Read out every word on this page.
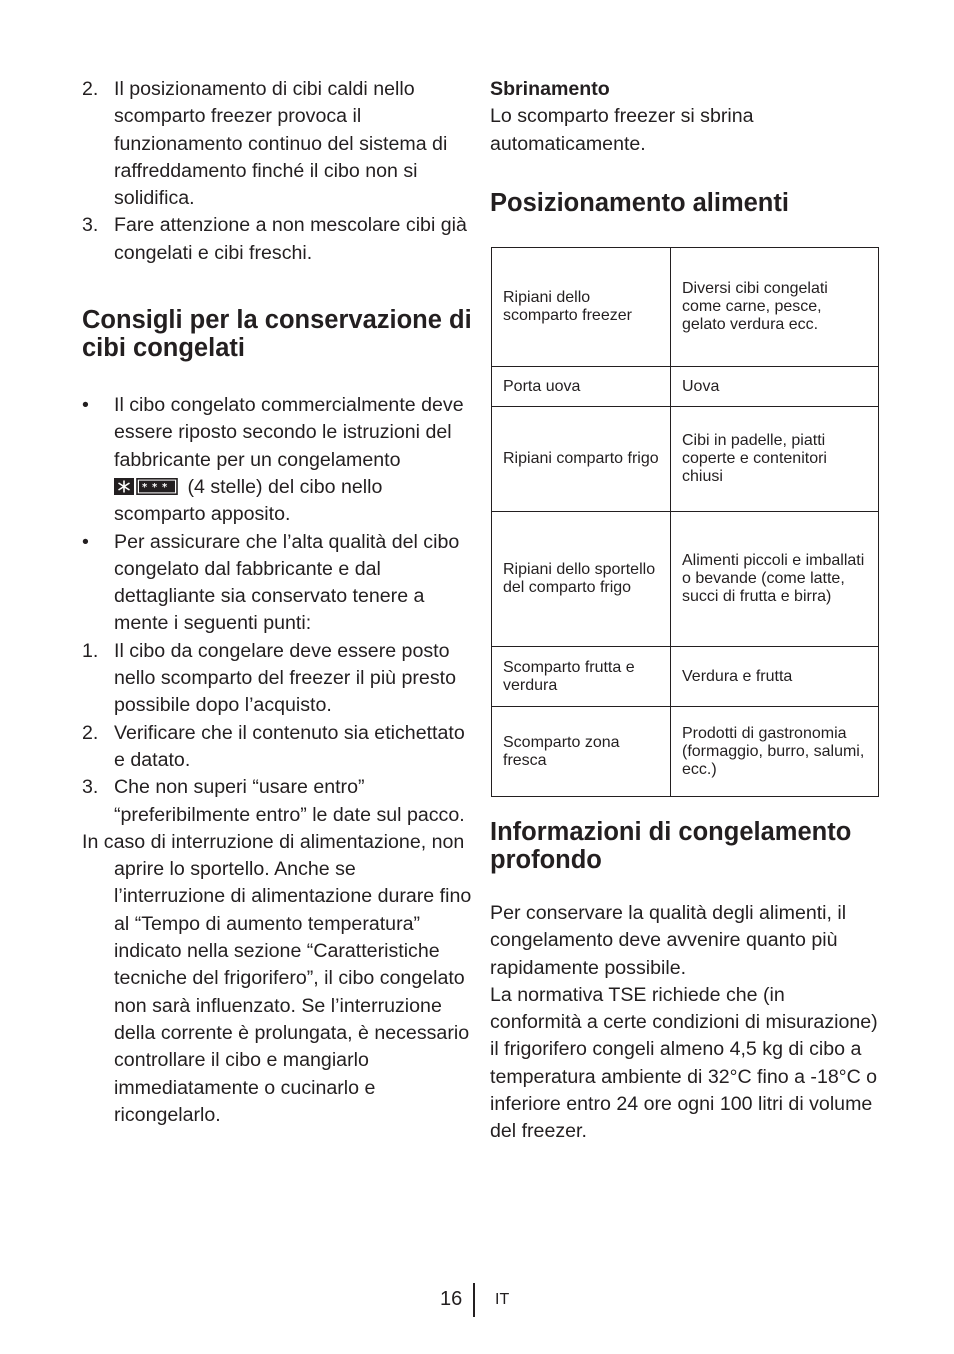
2. Il posizionamento di cibi caldi nello scomparto freezer provoca il funzionamento continuo del sistema di raffreddamento finché il cibo non si solidifica.
3. Fare attenzione a non mescolare cibi già congelati e cibi freschi.
Consigli per la conservazione di cibi congelati
• Il cibo congelato commercialmente deve essere riposto secondo le istruzioni del fabbricante per un congelamento
* * * (4 stelle) del cibo nello scomparto apposito.
• Per assicurare che l’alta qualità del cibo congelato dal fabbricante e dal dettagliante sia conservato tenere a mente i seguenti punti:
1. Il cibo da congelare deve essere posto nello scomparto del freezer il più presto possibile dopo l’acquisto.
2. Verificare che il contenuto sia etichettato e datato.
3. Che non superi “usare entro” “preferibilmente entro” le date sul pacco.
In caso di interruzione di alimentazione, non aprire lo sportello. Anche se l’interruzione di alimentazione durare fino al “Tempo di aumento temperatura” indicato nella sezione “Caratteristiche tecniche del frigorifero”, il cibo congelato non sarà influenzato. Se l’interruzione della corrente è prolungata, è necessario controllare il cibo e mangiarlo immediatamente o cucinarlo e ricongelarlo.

Sbrinamento

Lo scomparto freezer si sbrina automaticamente.

Posizionamento alimenti
Ripiani dello scomparto freezer	Diversi cibi congelati come carne, pesce, gelato verdura ecc.
Porta uova	Uova
Ripiani comparto frigo	Cibi in padelle, piatti coperte e contenitori chiusi
Ripiani dello sportello del comparto frigo	Alimenti piccoli e imballati o bevande (come latte, succi di frutta e birra)
Scomparto frutta e verdura	Verdura e frutta
Scomparto zona fresca	Prodotti di gastronomia (formaggio, burro, salumi, ecc.)
Informazioni di congelamento profondo

Per conservare la qualità degli alimenti, il congelamento deve avvenire quanto più rapidamente possibile.

La normativa TSE richiede che (in conformità a certe condizioni di misurazione) il frigorifero congeli almeno 4,5 kg di cibo a temperatura ambiente di 32°C fino a -18°C o inferiore entro 24 ore ogni 100 litri di volume del freezer.

16 IT
